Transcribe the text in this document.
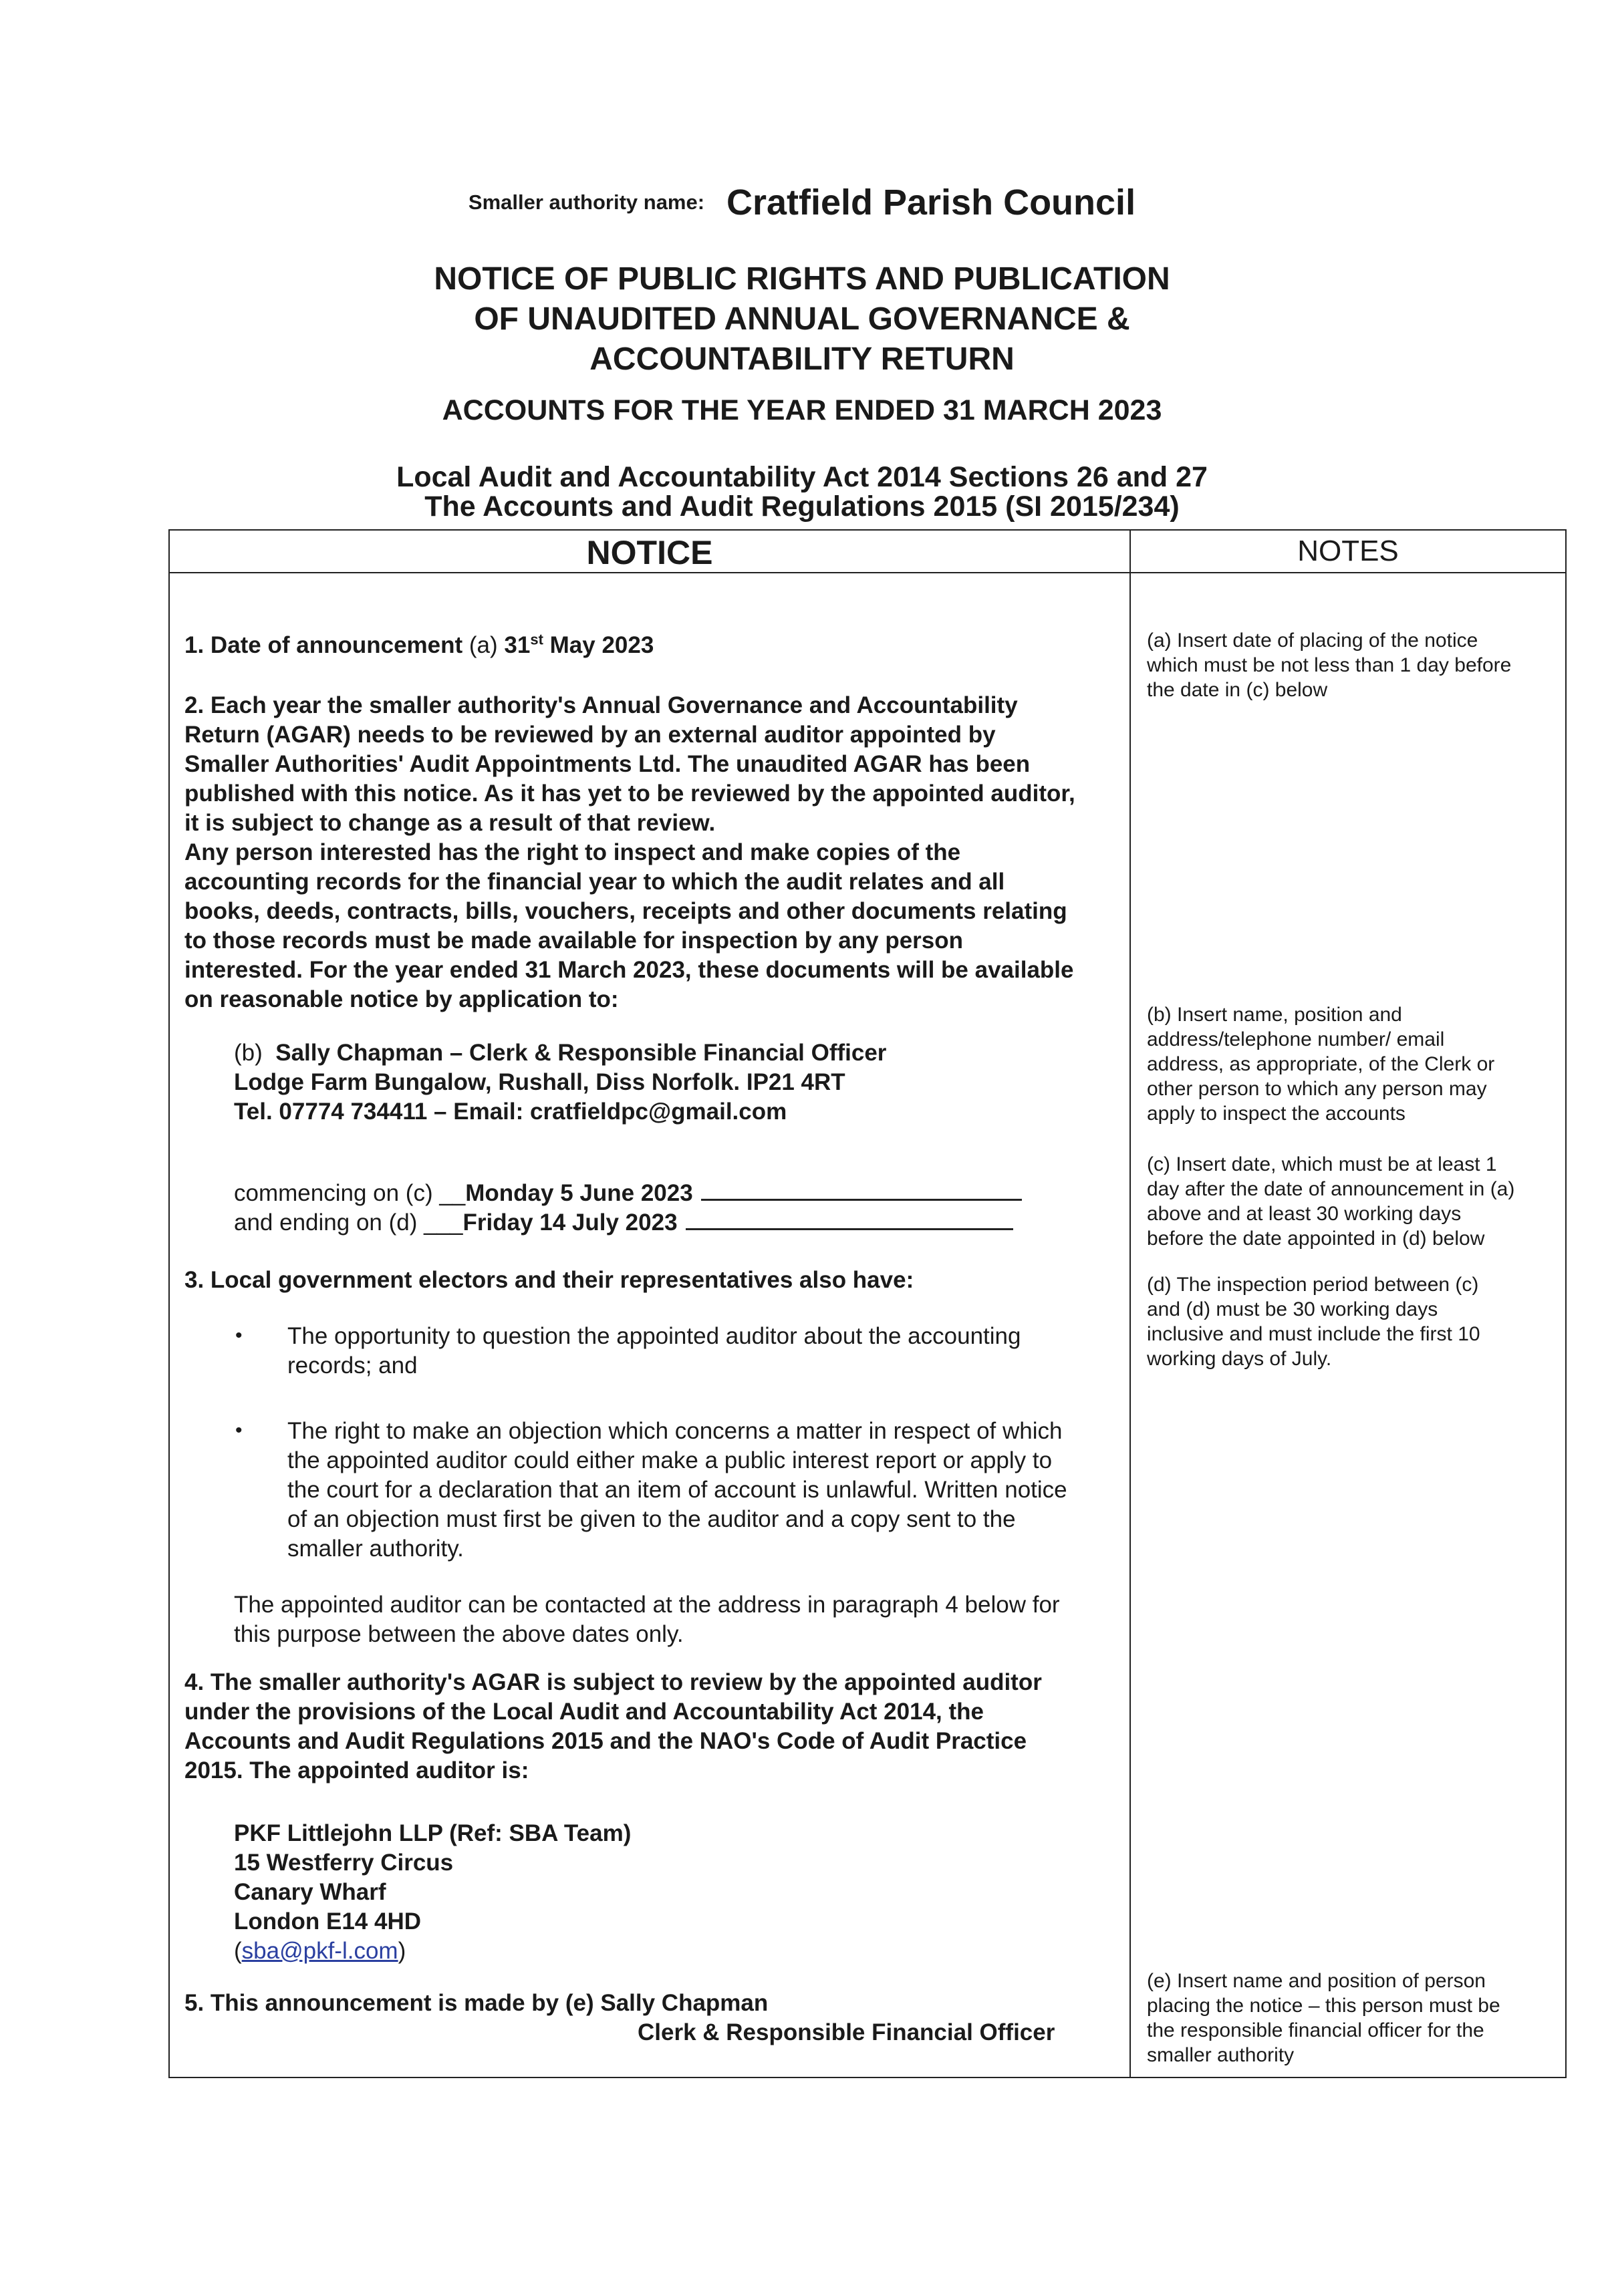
Smaller authority name: Cratfield Parish Council
NOTICE OF PUBLIC RIGHTS AND PUBLICATION
OF UNAUDITED ANNUAL GOVERNANCE &
ACCOUNTABILITY RETURN
ACCOUNTS FOR THE YEAR ENDED 31 MARCH 2023
Local Audit and Accountability Act 2014 Sections 26 and 27
The Accounts and Audit Regulations 2015 (SI 2015/234)
NOTICE	NOTES
1. Date of announcement (a) 31st May 2023
2. Each year the smaller authority's Annual Governance and Accountability
Return (AGAR) needs to be reviewed by an external auditor appointed by
Smaller Authorities' Audit Appointments Ltd. The unaudited AGAR has been
published with this notice. As it has yet to be reviewed by the appointed auditor,
it is subject to change as a result of that review.
Any person interested has the right to inspect and make copies of the
accounting records for the financial year to which the audit relates and all
books, deeds, contracts, bills, vouchers, receipts and other documents relating
to those records must be made available for inspection by any person
interested. For the year ended 31 March 2023, these documents will be available
on reasonable notice by application to:
(b) Sally Chapman – Clerk & Responsible Financial Officer
Lodge Farm Bungalow, Rushall, Diss Norfolk. IP21 4RT
Tel. 07774 734411 – Email: cratfieldpc@gmail.com
commencing on (c) __Monday 5 June 2023
and ending on (d) ___Friday 14 July 2023
3. Local government electors and their representatives also have:
• The opportunity to question the appointed auditor about the accounting
records; and
• The right to make an objection which concerns a matter in respect of which
the appointed auditor could either make a public interest report or apply to
the court for a declaration that an item of account is unlawful. Written notice
of an objection must first be given to the auditor and a copy sent to the
smaller authority.
The appointed auditor can be contacted at the address in paragraph 4 below for
this purpose between the above dates only.
4. The smaller authority's AGAR is subject to review by the appointed auditor
under the provisions of the Local Audit and Accountability Act 2014, the
Accounts and Audit Regulations 2015 and the NAO's Code of Audit Practice
2015. The appointed auditor is:
PKF Littlejohn LLP (Ref: SBA Team)
15 Westferry Circus
Canary Wharf
London E14 4HD
(sba@pkf-l.com)
5. This announcement is made by (e) Sally Chapman
Clerk & Responsible Financial Officer
(a) Insert date of placing of the notice
which must be not less than 1 day before
the date in (c) below
(b) Insert name, position and
address/telephone number/ email
address, as appropriate, of the Clerk or
other person to which any person may
apply to inspect the accounts
(c) Insert date, which must be at least 1
day after the date of announcement in (a)
above and at least 30 working days
before the date appointed in (d) below
(d) The inspection period between (c)
and (d) must be 30 working days
inclusive and must include the first 10
working days of July.
(e) Insert name and position of person
placing the notice – this person must be
the responsible financial officer for the
smaller authority
